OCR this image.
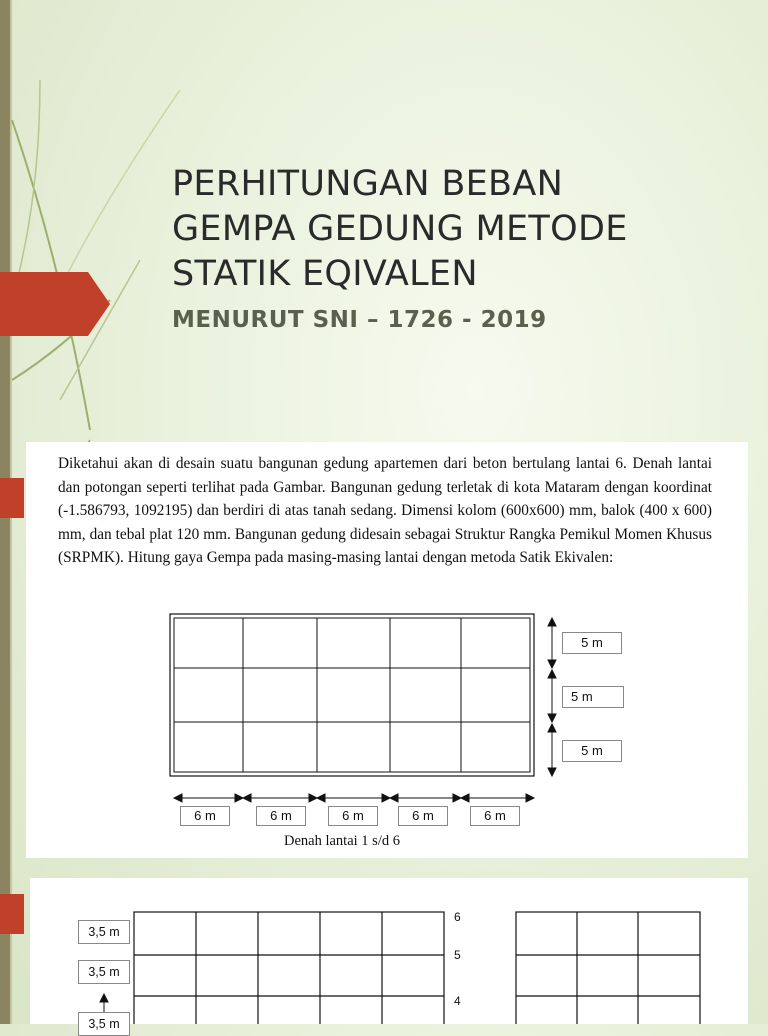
PERHITUNGAN BEBAN
GEMPA GEDUNG METODE
STATIK EQIVALEN
MENURUT SNI – 1726 - 2019

Diketahui akan di desain suatu bangunan gedung apartemen dari beton bertulang lantai 6. Denah lantai dan potongan seperti terlihat pada Gambar. Bangunan gedung terletak di kota Mataram dengan koordinat (-1.586793, 1092195) dan berdiri di atas tanah sedang. Dimensi kolom (600x600) mm, balok (400 x 600) mm, dan tebal plat 120 mm. Bangunan gedung didesain sebagai Struktur Rangka Pemikul Momen Khusus (SRPMK). Hitung gaya Gempa pada masing-masing lantai dengan metoda Satik Ekivalen:

5 m
5 m
5 m
6 m	6 m	6 m	6 m	6 m
Denah lantai 1 s/d 6
3,5 m
3,5 m
3,5 m
6
5
4
